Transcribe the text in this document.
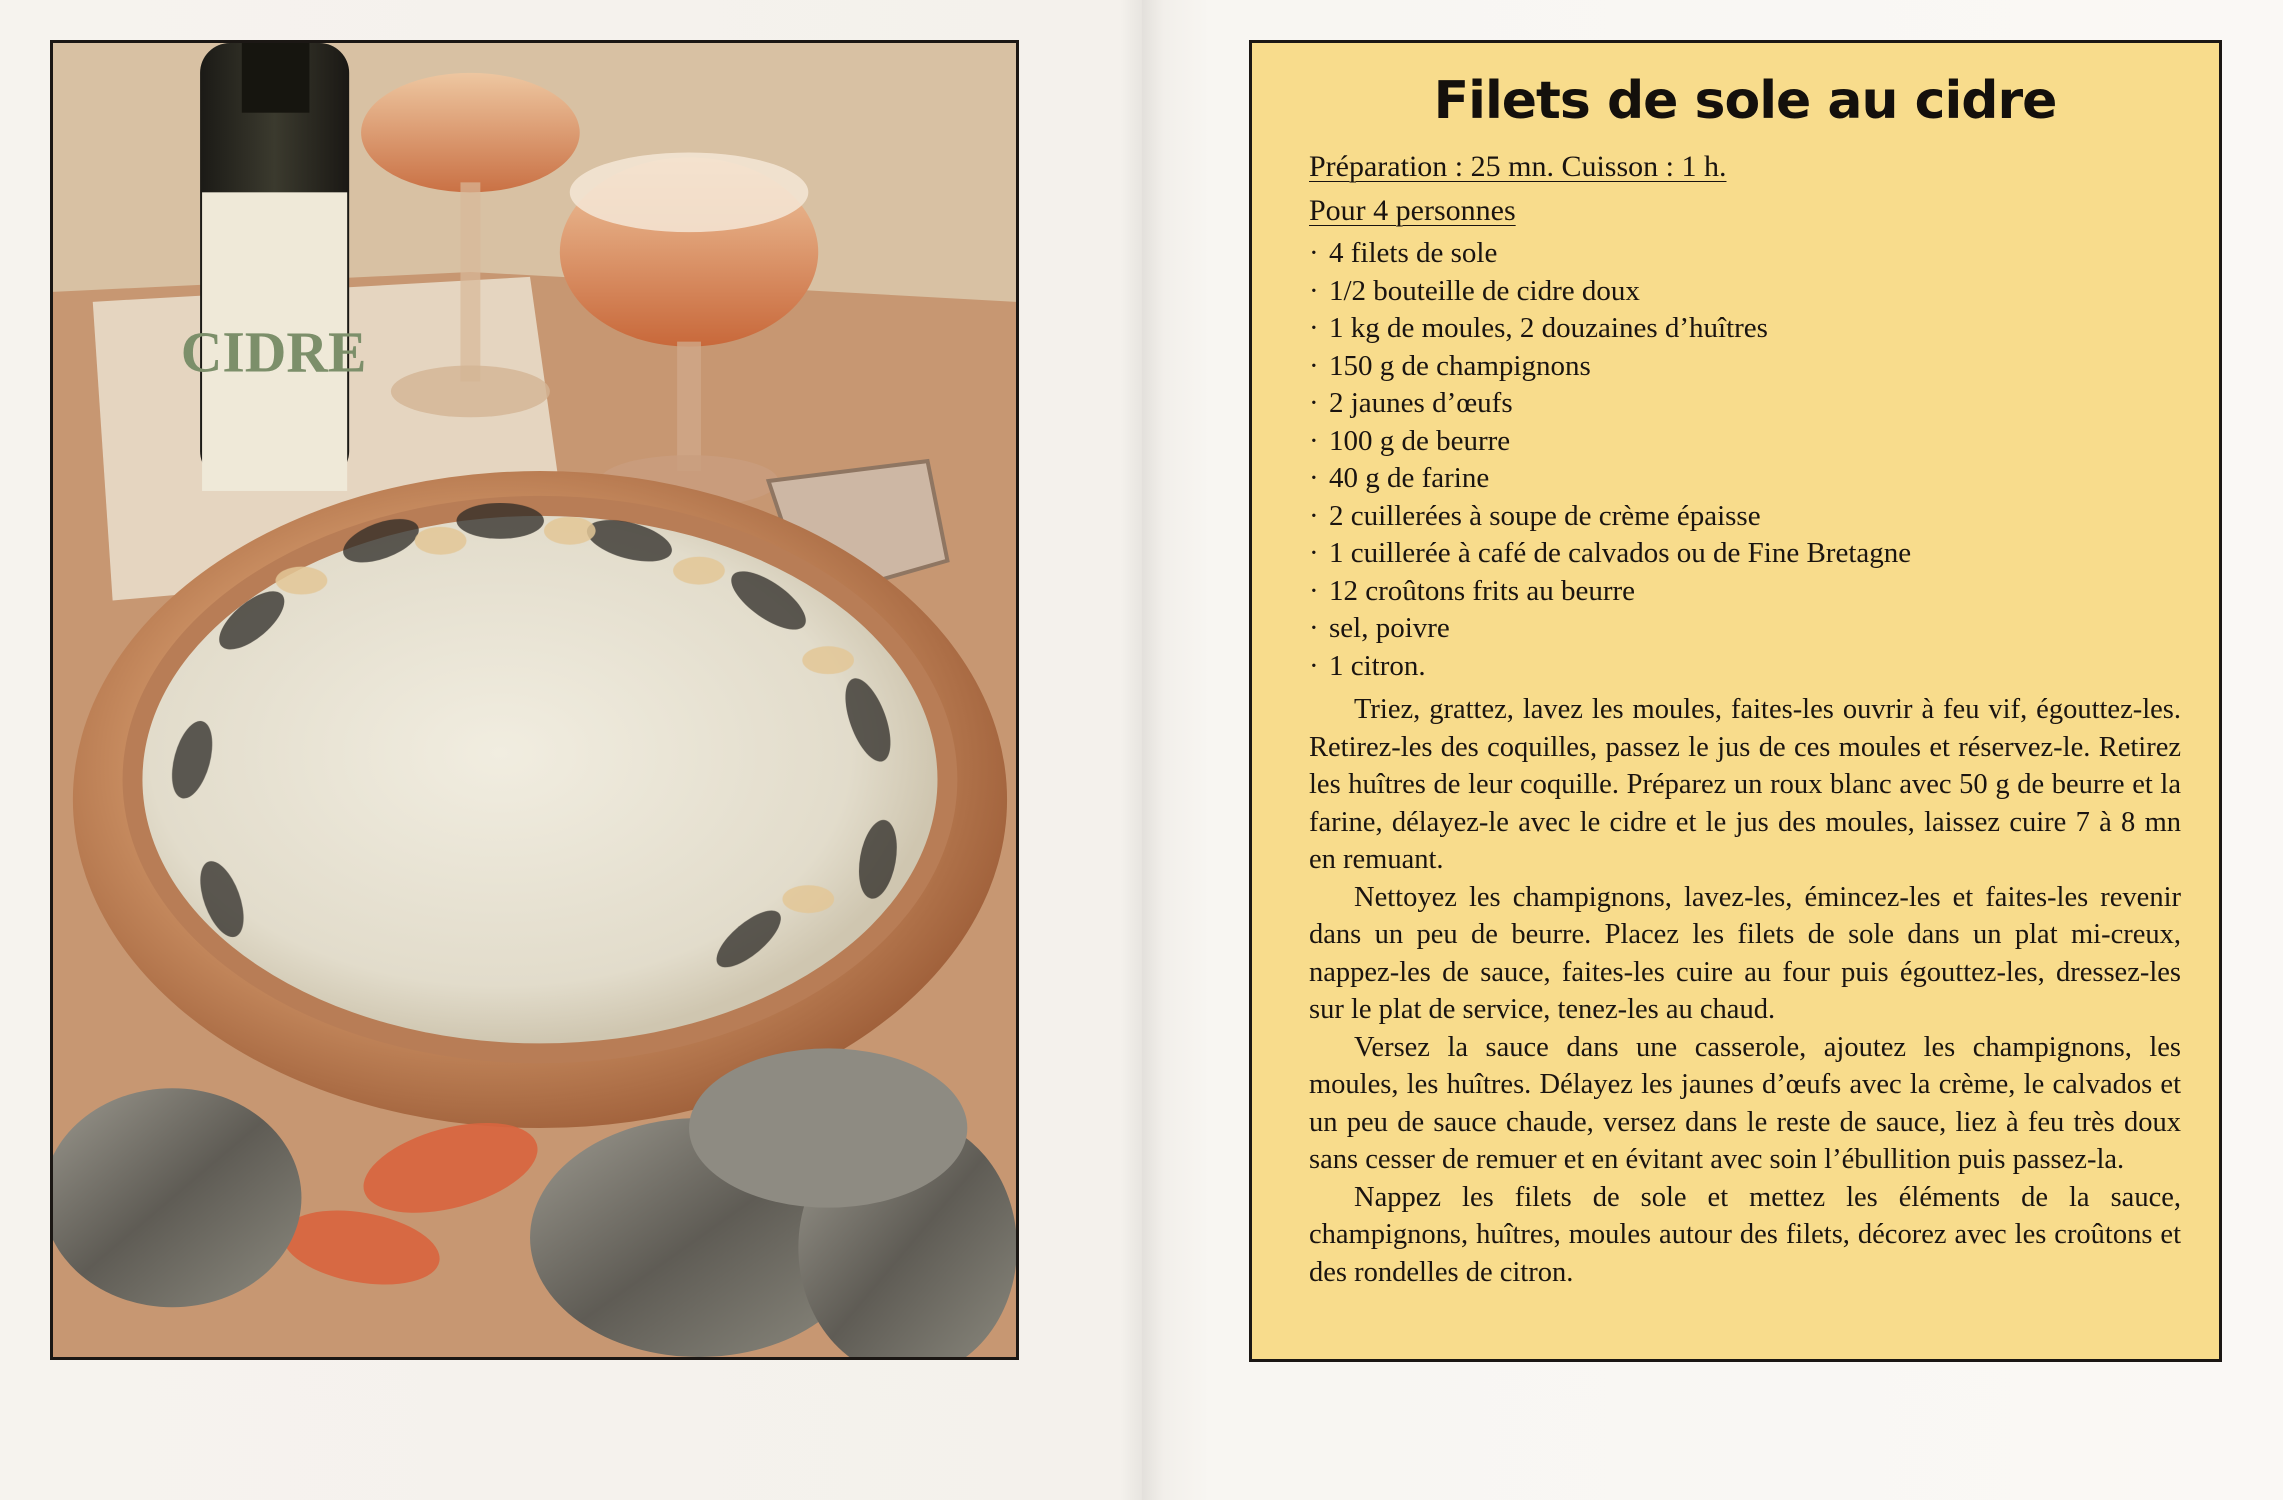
CIDRE
Filets de sole au cidre
Préparation : 25 mn. Cuisson : 1 h.
Pour 4 personnes
· 4 filets de sole
· 1/2 bouteille de cidre doux
· 1 kg de moules, 2 douzaines d’huîtres
· 150 g de champignons
· 2 jaunes d’œufs
· 100 g de beurre
· 40 g de farine
· 2 cuillerées à soupe de crème épaisse
· 1 cuillerée à café de calvados ou de Fine Bretagne
· 12 croûtons frits au beurre
· sel, poivre
· 1 citron.

Triez, grattez, lavez les moules, faites-les ouvrir à feu vif, égouttez-les. Retirez-les des coquilles, passez le jus de ces moules et réservez-le. Retirez les huîtres de leur coquille. Préparez un roux blanc avec 50 g de beurre et la farine, délayez-le avec le cidre et le jus des moules, laissez cuire 7 à 8 mn en remuant.

Nettoyez les champignons, lavez-les, émincez-les et faites-les revenir dans un peu de beurre. Placez les filets de sole dans un plat mi-creux, nappez-les de sauce, faites-les cuire au four puis égouttez-les, dressez-les sur le plat de service, tenez-les au chaud.

Versez la sauce dans une casserole, ajoutez les champignons, les moules, les huîtres. Délayez les jaunes d’œufs avec la crème, le calvados et un peu de sauce chaude, versez dans le reste de sauce, liez à feu très doux sans cesser de remuer et en évitant avec soin l’ébullition puis passez-la.

Nappez les filets de sole et mettez les éléments de la sauce, champignons, huîtres, moules autour des filets, décorez avec les croûtons et des rondelles de citron.
